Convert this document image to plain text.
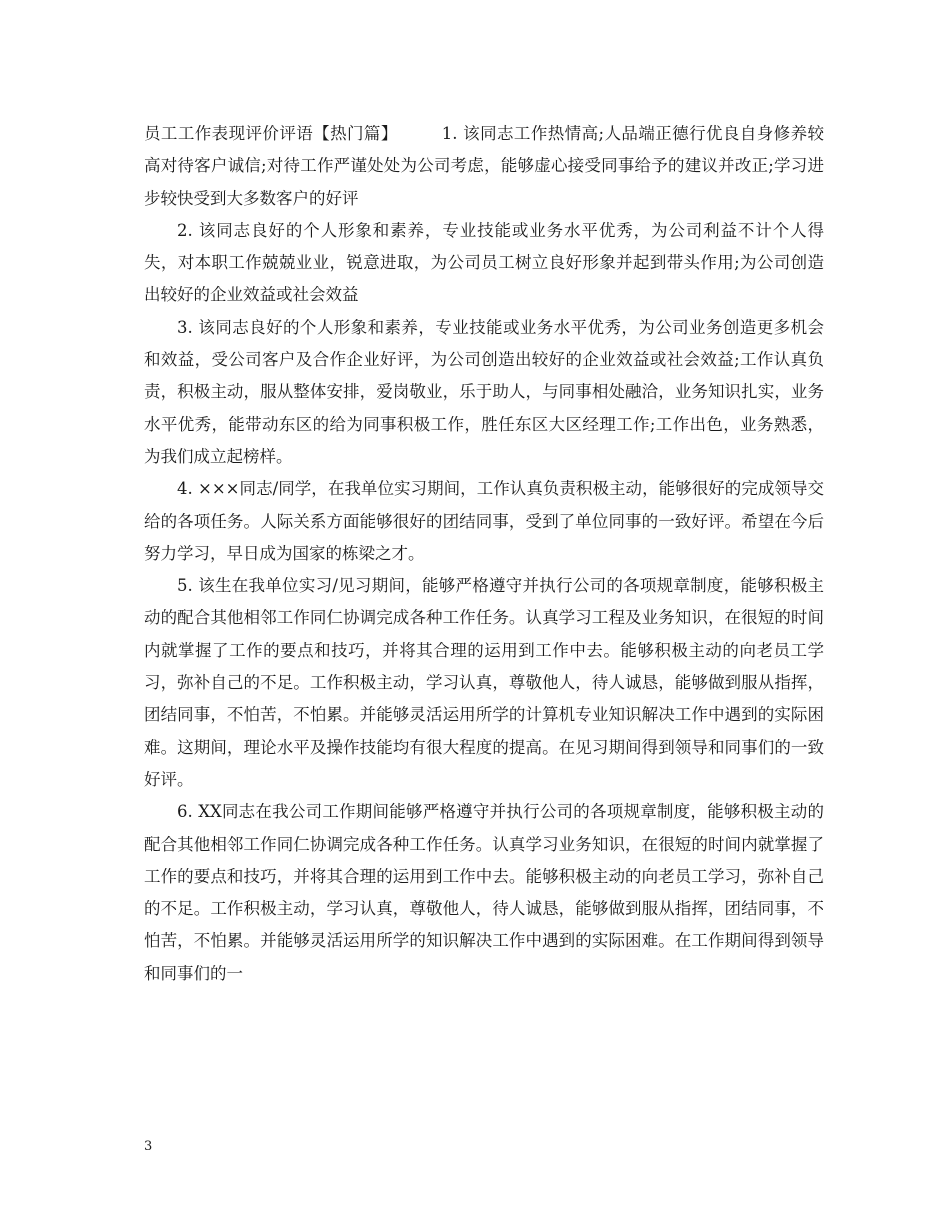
员工工作表现评价评语【热门篇】	1. 该同志工作热情高;人品端正德行优良自身修养较高对待客户诚信;对待工作严谨处处为公司考虑，能够虚心接受同事给予的建议并改正;学习进步较快受到大多数客户的好评

2. 该同志良好的个人形象和素养，专业技能或业务水平优秀，为公司利益不计个人得失，对本职工作兢兢业业，锐意进取，为公司员工树立良好形象并起到带头作用;为公司创造出较好的企业效益或社会效益

3. 该同志良好的个人形象和素养，专业技能或业务水平优秀，为公司业务创造更多机会和效益，受公司客户及合作企业好评，为公司创造出较好的企业效益或社会效益;工作认真负责，积极主动，服从整体安排，爱岗敬业，乐于助人，与同事相处融洽，业务知识扎实，业务水平优秀，能带动东区的给为同事积极工作，胜任东区大区经理工作;工作出色，业务熟悉，为我们成立起榜样。

4. ×××同志/同学，在我单位实习期间，工作认真负责积极主动，能够很好的完成领导交给的各项任务。人际关系方面能够很好的团结同事，受到了单位同事的一致好评。希望在今后努力学习，早日成为国家的栋梁之才。

5. 该生在我单位实习/见习期间，能够严格遵守并执行公司的各项规章制度，能够积极主动的配合其他相邻工作同仁协调完成各种工作任务。认真学习工程及业务知识，在很短的时间内就掌握了工作的要点和技巧，并将其合理的运用到工作中去。能够积极主动的向老员工学习，弥补自己的不足。工作积极主动，学习认真，尊敬他人，待人诚恳，能够做到服从指挥，团结同事，不怕苦，不怕累。并能够灵活运用所学的计算机专业知识解决工作中遇到的实际困难。这期间，理论水平及操作技能均有很大程度的提高。在见习期间得到领导和同事们的一致好评。

6. XX同志在我公司工作期间能够严格遵守并执行公司的各项规章制度，能够积极主动的配合其他相邻工作同仁协调完成各种工作任务。认真学习业务知识，在很短的时间内就掌握了工作的要点和技巧，并将其合理的运用到工作中去。能够积极主动的向老员工学习，弥补自己的不足。工作积极主动，学习认真，尊敬他人，待人诚恳，能够做到服从指挥，团结同事，不怕苦，不怕累。并能够灵活运用所学的知识解决工作中遇到的实际困难。在工作期间得到领导和同事们的一

3
